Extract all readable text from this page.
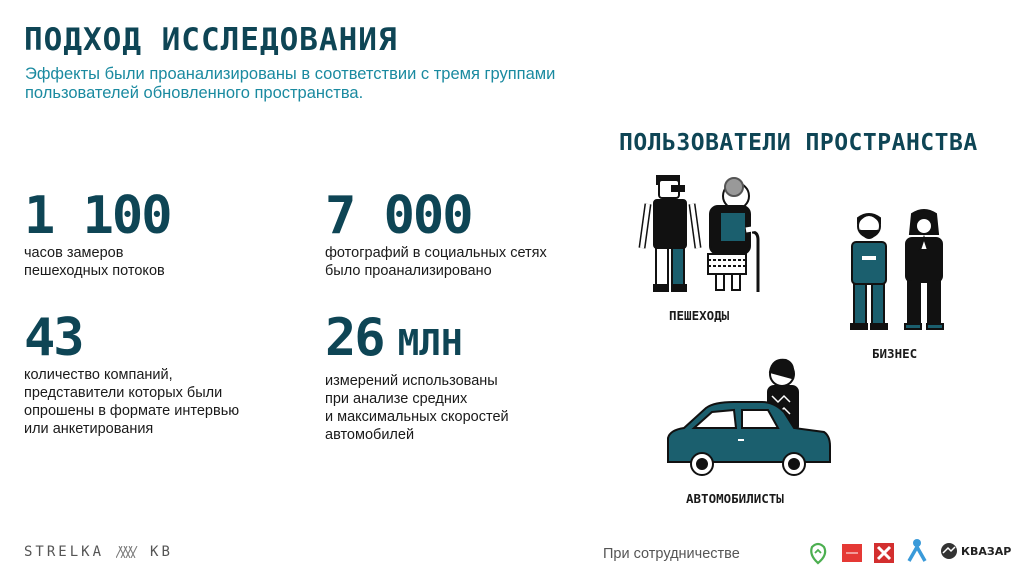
ПОДХОД ИССЛЕДОВАНИЯ
Эффекты были проанализированы в соответствии с тремя группами пользователей обновленного пространства.
1 100
часов замеров
пешеходных потоков
7 000
фотографий в социальных сетях
было проанализировано
43
количество компаний,
представители которых были
опрошены в формате интервью
или анкетирования
26 МЛН
измерений использованы
при анализе средних
и максимальных скоростей
автомобилей
ПОЛЬЗОВАТЕЛИ ПРОСТРАНСТВА
ПЕШЕХОДЫ
БИЗНЕС
АВТОМОБИЛИСТЫ
STRELKA	KB	При сотрудничестве	КВАЗАР
